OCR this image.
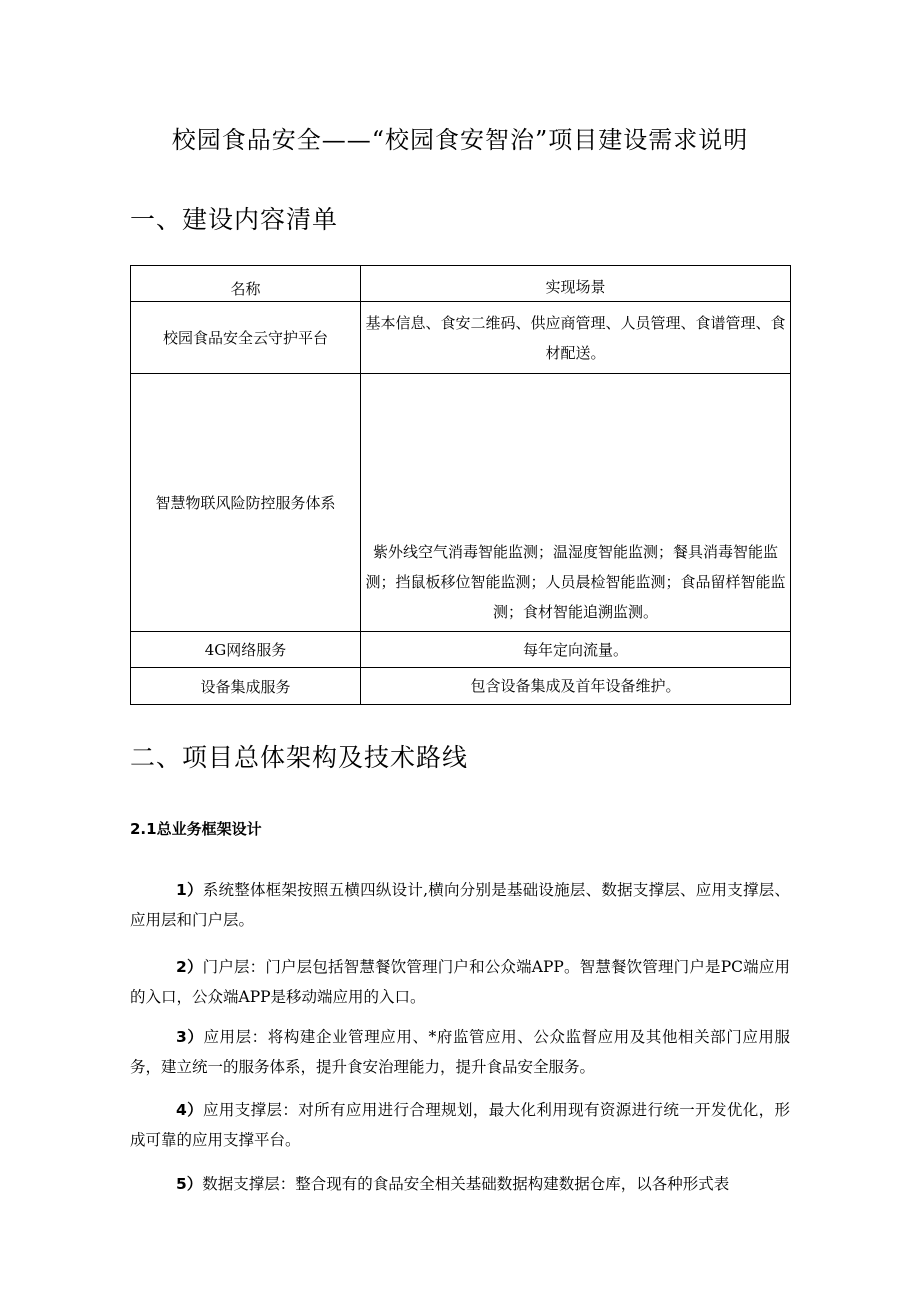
校园食品安全——“校园食安智治”项目建设需求说明
一、建设内容清单
名称	实现场景
校园食品安全云守护平台	基本信息、食安二维码、供应商管理、人员管理、食谱管理、食材配送。
智慧物联风险防控服务体系	紫外线空气消毒智能监测；温湿度智能监测；餐具消毒智能监测；挡鼠板移位智能监测；人员晨检智能监测；食品留样智能监测；食材智能追溯监测。
4G网络服务	每年定向流量。
设备集成服务	包含设备集成及首年设备维护。
二、项目总体架构及技术路线
2.1总业务框架设计

1）系统整体框架按照五横四纵设计,横向分别是基础设施层、数据支撑层、应用支撑层、应用层和门户层。

2）门户层：门户层包括智慧餐饮管理门户和公众端APP。智慧餐饮管理门户是PC端应用的入口，公众端APP是移动端应用的入口。

3）应用层：将构建企业管理应用、*府监管应用、公众监督应用及其他相关部门应用服务，建立统一的服务体系，提升食安治理能力，提升食品安全服务。

4）应用支撑层：对所有应用进行合理规划，最大化利用现有资源进行统一开发优化，形成可靠的应用支撑平台。

5）数据支撑层：整合现有的食品安全相关基础数据构建数据仓库，以各种形式表
